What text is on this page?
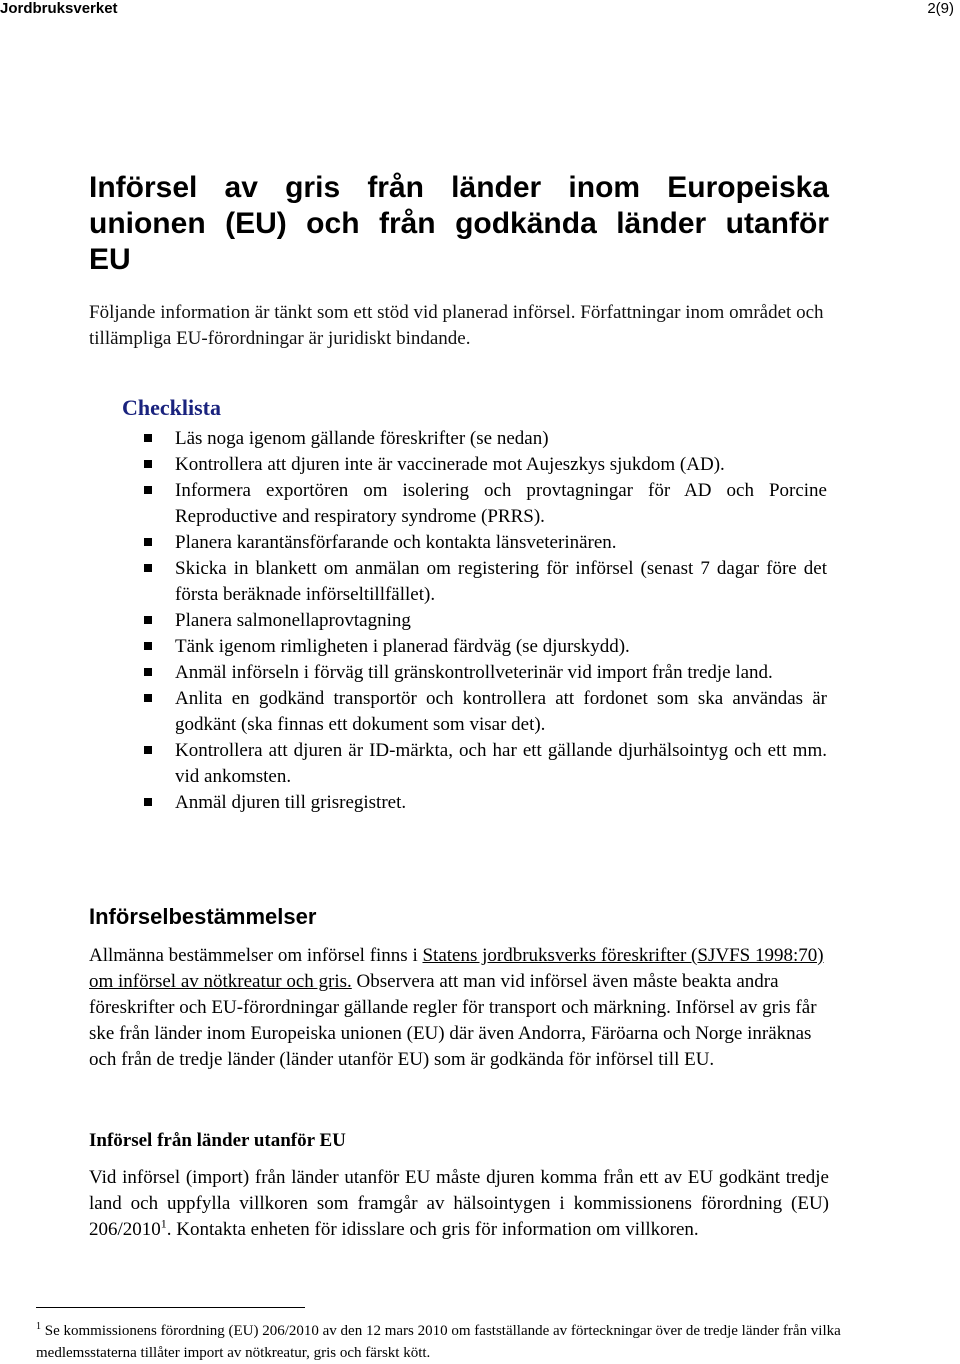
Jordbruksverket	2(9)
Införsel av gris från länder inom Europeiska unionen (EU) och från godkända länder utanför
EU

Följande information är tänkt som ett stöd vid planerad införsel. Författningar inom området och tillämpliga EU-förordningar är juridiskt bindande.

Checklista
Läs noga igenom gällande föreskrifter (se nedan)
Kontrollera att djuren inte är vaccinerade mot Aujeszkys sjukdom (AD).
Informera exportören om isolering och provtagningar för AD och Porcine Reproductive and respiratory syndrome (PRRS).
Planera karantänsförfarande och kontakta länsveterinären.
Skicka in blankett om anmälan om registering för införsel (senast 7 dagar före det första beräknade införseltillfället).
Planera salmonellaprovtagning
Tänk igenom rimligheten i planerad färdväg (se djurskydd).
Anmäl införseln i förväg till gränskontrollveterinär vid import från tredje land.
Anlita en godkänd transportör och kontrollera att fordonet som ska användas är godkänt (ska finnas ett dokument som visar det).
Kontrollera att djuren är ID-märkta, och har ett gällande djurhälsointyg och ett mm. vid ankomsten.
Anmäl djuren till grisregistret.
Införselbestämmelser

Allmänna bestämmelser om införsel finns i Statens jordbruksverks föreskrifter (SJVFS 1998:70) om införsel av nötkreatur och gris. Observera att man vid införsel även måste beakta andra föreskrifter och EU-förordningar gällande regler för transport och märkning. Införsel av gris får ske från länder inom Europeiska unionen (EU) där även Andorra, Färöarna och Norge inräknas och från de tredje länder (länder utanför EU) som är godkända för införsel till EU.

Införsel från länder utanför EU

Vid införsel (import) från länder utanför EU måste djuren komma från ett av EU godkänt tredje land och uppfylla villkoren som framgår av hälsointygen i kommissionens förordning (EU) 206/2010$^1$. Kontakta enheten för idisslare och gris för information om villkoren.

$^1$ Se kommissionens förordning (EU) 206/2010 av den 12 mars 2010 om fastställande av förteckningar över de tredje länder från vilka medlemsstaterna tillåter import av nötkreatur, gris och färskt kött.
